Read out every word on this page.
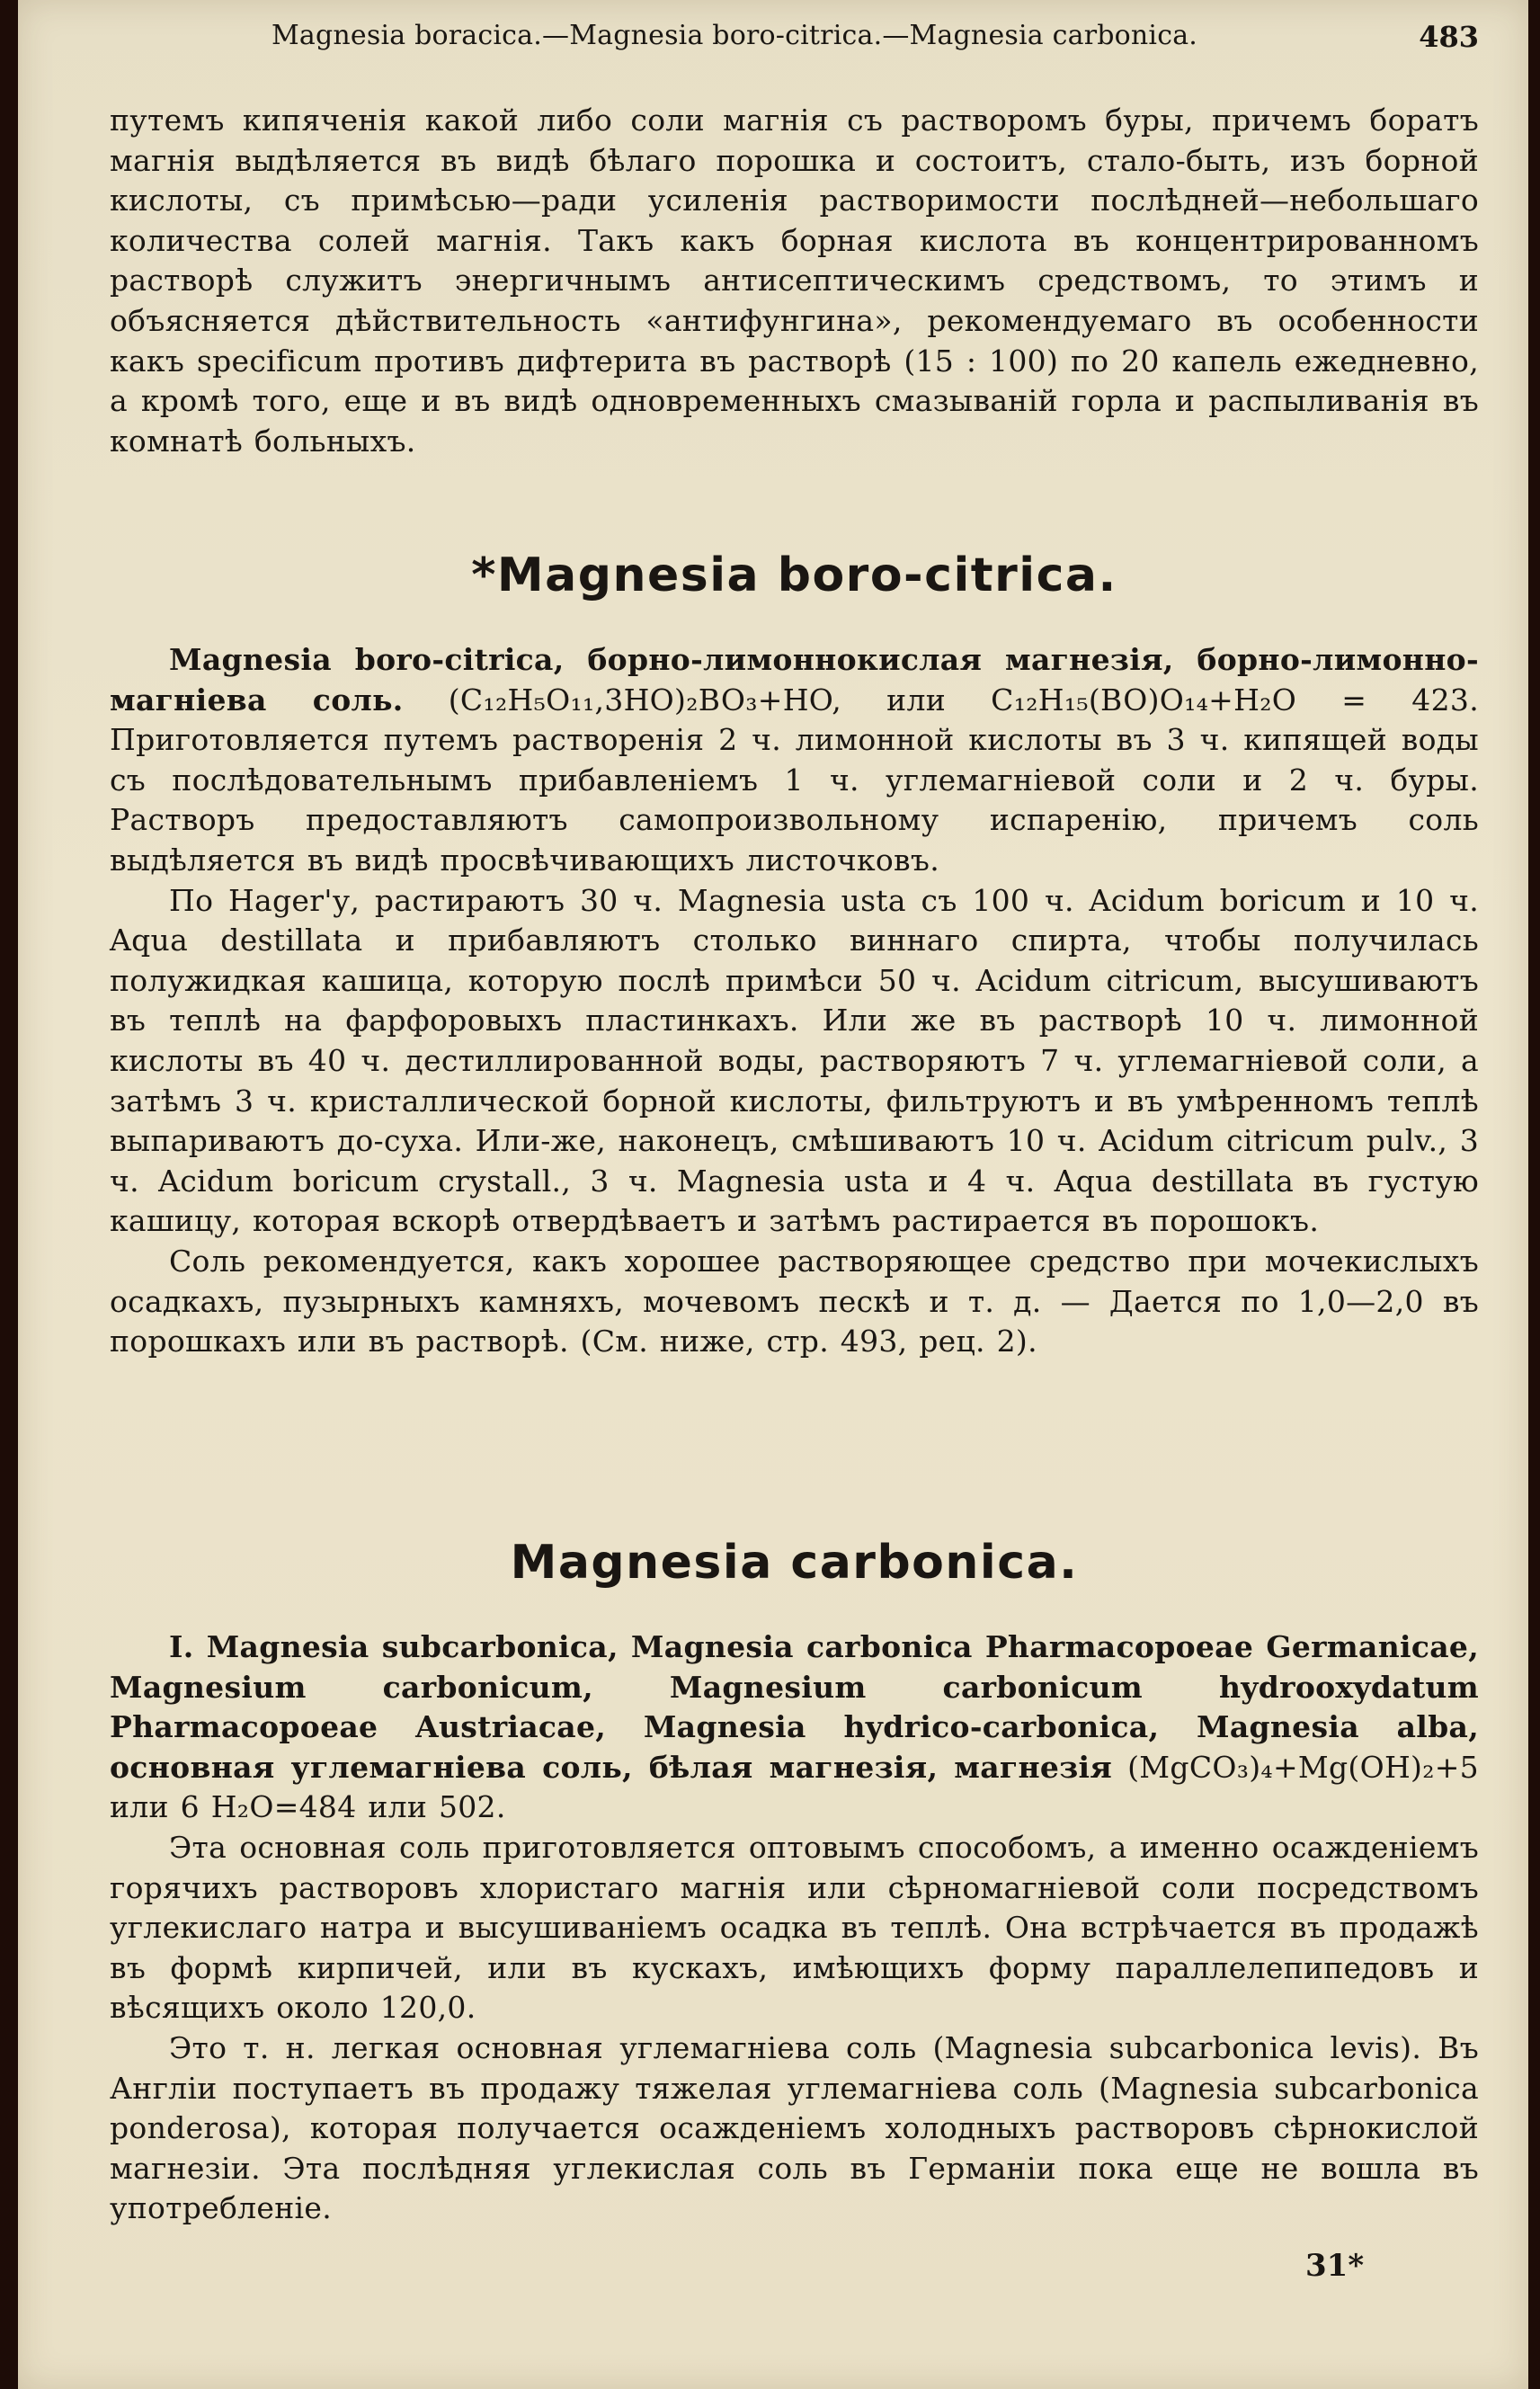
Magnesia boracica.—Magnesia boro-citrica.—Magnesia carbonica.	483

путемъ кипяченія какой либо соли магнія съ растворомъ буры, причемъ боратъ магнія выдѣляется въ видѣ бѣлаго порошка и состоитъ, стало-быть, изъ борной кислоты, съ примѣсью—ради усиленія растворимости послѣдней—небольшаго количества солей магнія. Такъ какъ борная кислота въ концентрированномъ растворѣ служитъ энергичнымъ антисептическимъ средствомъ, то этимъ и объясняется дѣйствительность «антифунгина», рекомендуемаго въ особенности какъ specificum противъ дифтерита въ растворѣ (15 : 100) по 20 капель ежедневно, а кромѣ того, еще и въ видѣ одновременныхъ смазываній горла и распыливанія въ комнатѣ больныхъ.

*Magnesia boro-citrica.

Magnesia boro-citrica, борно-лимоннокислая магнезія, борно-лимонно-магніева соль. (C₁₂H₅O₁₁,3HO)₂BO₃+HO, или C₁₂H₁₅(BO)O₁₄+H₂O = 423. Приготовляется путемъ растворенія 2 ч. лимонной кислоты въ 3 ч. кипящей воды съ послѣдовательнымъ прибавленіемъ 1 ч. углемагніевой соли и 2 ч. буры. Растворъ предоставляютъ самопроизвольному испаренію, причемъ соль выдѣляется въ видѣ просвѣчивающихъ листочковъ.

По Hager'у, растираютъ 30 ч. Magnesia usta съ 100 ч. Acidum boricum и 10 ч. Aqua destillata и прибавляютъ столько виннаго спирта, чтобы получилась полужидкая кашица, которую послѣ примѣси 50 ч. Acidum citricum, высушиваютъ въ теплѣ на фарфоровыхъ пластинкахъ. Или же въ растворѣ 10 ч. лимонной кислоты въ 40 ч. дестиллированной воды, растворяютъ 7 ч. углемагніевой соли, а затѣмъ 3 ч. кристаллической борной кислоты, фильтруютъ и въ умѣренномъ теплѣ выпариваютъ до-суха. Или-же, наконецъ, смѣшиваютъ 10 ч. Acidum citricum pulv., 3 ч. Acidum boricum crystall., 3 ч. Magnesia usta и 4 ч. Aqua destillata въ густую кашицу, которая вскорѣ отвердѣваетъ и затѣмъ растирается въ порошокъ.

Соль рекомендуется, какъ хорошее растворяющее средство при мочекислыхъ осадкахъ, пузырныхъ камняхъ, мочевомъ пескѣ и т. д. — Дается по 1,0—2,0 въ порошкахъ или въ растворѣ. (См. ниже, стр. 493, рец. 2).

Magnesia carbonica.

I. Magnesia subcarbonica, Magnesia carbonica Pharmacopoeae Germanicae, Magnesium carbonicum, Magnesium carbonicum hydrooxydatum Pharmacopoeae Austriacae, Magnesia hydrico-carbonica, Magnesia alba, основная углемагніева соль, бѣлая магнезія, магнезія (MgCO₃)₄+Mg(OH)₂+5 или 6 H₂O=484 или 502.

Эта основная соль приготовляется оптовымъ способомъ, а именно осажденіемъ горячихъ растворовъ хлористаго магнія или сѣрномагніевой соли посредствомъ углекислаго натра и высушиваніемъ осадка въ теплѣ. Она встрѣчается въ продажѣ въ формѣ кирпичей, или въ кускахъ, имѣющихъ форму параллелепипедовъ и вѣсящихъ около 120,0.

Это т. н. легкая основная углемагніева соль (Magnesia subcarbonica levis). Въ Англіи поступаетъ въ продажу тяжелая углемагніева соль (Magnesia subcarbonica ponderosa), которая получается осажденіемъ холодныхъ растворовъ сѣрнокислой магнезіи. Эта послѣдняя углекислая соль въ Германіи пока еще не вошла въ употребленіе.

31*
